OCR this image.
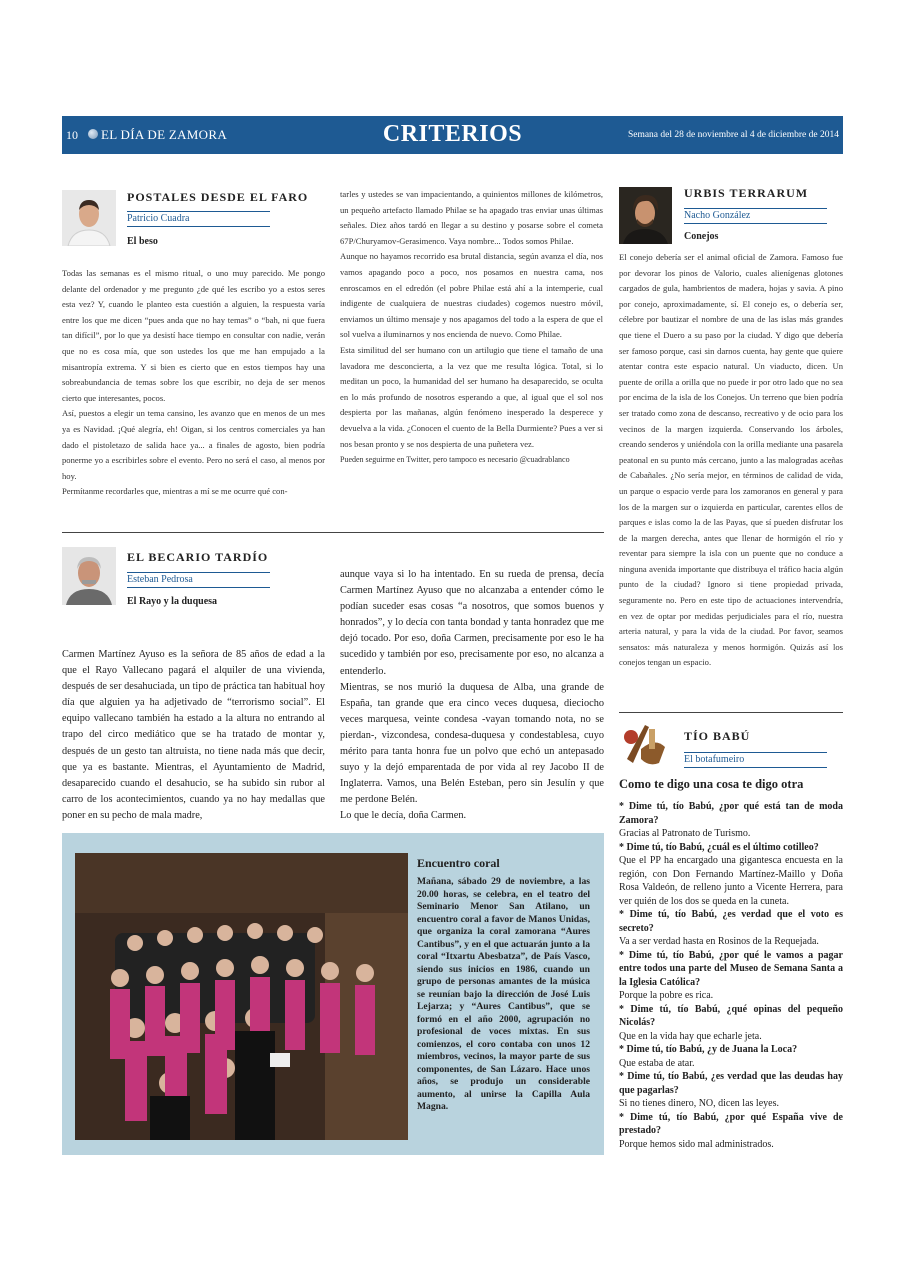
10 EL DÍA DE ZAMORA	CRITERIOS	Semana del 28 de noviembre al 4 de diciembre de 2014
POSTALES DESDE EL FARO
Patricio Cuadra
El beso

Todas las semanas es el mismo ritual, o uno muy parecido. Me pongo delante del ordenador y me pregunto ¿de qué les escribo yo a estos seres esta vez? Y, cuando le planteo esta cuestión a alguien, la respuesta varía entre los que me dicen “pues anda que no hay temas” o “bah, ni que fuera tan difícil”, por lo que ya desistí hace tiempo en consultar con nadie, verán que no es cosa mía, que son ustedes los que me han empujado a la misantropía extrema. Y si bien es cierto que en estos tiempos hay una sobreabundancia de temas sobre los que escribir, no deja de ser menos cierto que interesantes, pocos.

Así, puestos a elegir un tema cansino, les avanzo que en menos de un mes ya es Navidad. ¡Qué alegría, eh! Oigan, si los centros comerciales ya han dado el pistoletazo de salida hace ya... a finales de agosto, bien podría ponerme yo a escribirles sobre el evento. Pero no será el caso, al menos por hoy.

Permítanme recordarles que, mientras a mí se me ocurre qué con-

tarles y ustedes se van impacientando, a quinientos millones de kilómetros, un pequeño artefacto llamado Philae se ha apagado tras enviar unas últimas señales. Diez años tardó en llegar a su destino y posarse sobre el cometa 67P/Churyamov-Gerasimenco. Vaya nombre... Todos somos Philae.

Aunque no hayamos recorrido esa brutal distancia, según avanza el día, nos vamos apagando poco a poco, nos posamos en nuestra cama, nos enroscamos en el edredón (el pobre Philae está ahí a la intemperie, cual indigente de cualquiera de nuestras ciudades) cogemos nuestro móvil, enviamos un último mensaje y nos apagamos del todo a la espera de que el sol vuelva a iluminarnos y nos encienda de nuevo. Como Philae.

Esta similitud del ser humano con un artilugio que tiene el tamaño de una lavadora me desconcierta, a la vez que me resulta lógica. Total, si lo meditan un poco, la humanidad del ser humano ha desaparecido, se oculta en lo más profundo de nosotros esperando a que, al igual que el sol nos despierta por las mañanas, algún fenómeno inesperado la desperece y devuelva a la vida. ¿Conocen el cuento de la Bella Durmiente? Pues a ver si nos besan pronto y se nos despierta de una puñetera vez.

Pueden seguirme en Twitter, pero tampoco es necesario @cuadrablanco

EL BECARIO TARDÍO
Esteban Pedrosa
El Rayo y la duquesa

Carmen Martínez Ayuso es la señora de 85 años de edad a la que el Rayo Vallecano pagará el alquiler de una vivienda, después de ser desahuciada, un tipo de práctica tan habitual hoy día que alguien ya ha adjetivado de “terrorismo social”. El equipo vallecano también ha estado a la altura no entrando al trapo del circo mediático que se ha tratado de montar y, después de un gesto tan altruista, no tiene nada más que decir, que ya es bastante. Mientras, el Ayuntamiento de Madrid, desaparecido cuando el desahucio, se ha subido sin rubor al carro de los acontecimientos, cuando ya no hay medallas que poner en su pecho de mala madre,

aunque vaya si lo ha intentado. En su rueda de prensa, decía Carmen Martínez Ayuso que no alcanzaba a entender cómo le podían suceder esas cosas “a nosotros, que somos buenos y honrados”, y lo decía con tanta bondad y tanta honradez que me dejó tocado. Por eso, doña Carmen, precisamente por eso le ha sucedido y también por eso, precisamente por eso, no alcanza a entenderlo.

Mientras, se nos murió la duquesa de Alba, una grande de España, tan grande que era cinco veces duquesa, dieciocho veces marquesa, veinte condesa -vayan tomando nota, no se pierdan-, vizcondesa, condesa-duquesa y condestablesa, cuyo mérito para tanta honra fue un polvo que echó un antepasado suyo y la dejó emparentada de por vida al rey Jacobo II de Inglaterra. Vamos, una Belén Esteban, pero sin Jesulín y que me perdone Belén.

Lo que le decía, doña Carmen.

Encuentro coral
Mañana, sábado 29 de noviembre, a las 20.00 horas, se celebra, en el teatro del Seminario Menor San Atilano, un encuentro coral a favor de Manos Unidas, que organiza la coral zamorana “Aures Cantibus”, y en el que actuarán junto a la coral “Itxartu Abesbatza”, de País Vasco, siendo sus inicios en 1986, cuando un grupo de personas amantes de la música se reunían bajo la dirección de José Luis Lejarza; y “Aures Cantibus”, que se formó en el año 2000, agrupación no profesional de voces mixtas. En sus comienzos, el coro contaba con unos 12 miembros, vecinos, la mayor parte de sus componentes, de San Lázaro. Hace unos años, se produjo un considerable aumento, al unirse la Capilla Aula Magna.
URBIS TERRARUM
Nacho González
Conejos

El conejo debería ser el animal oficial de Zamora. Famoso fue por devorar los pinos de Valorio, cuales alienígenas glotones cargados de gula, hambrientos de madera, hojas y savia. A pino por conejo, aproximadamente, sí. El conejo es, o debería ser, célebre por bautizar el nombre de una de las islas más grandes que tiene el Duero a su paso por la ciudad. Y digo que debería ser famoso porque, casi sin darnos cuenta, hay gente que quiere atentar contra este espacio natural. Un viaducto, dicen. Un puente de orilla a orilla que no puede ir por otro lado que no sea por encima de la isla de los Conejos. Un terreno que bien podría ser tratado como zona de descanso, recreativo y de ocio para los vecinos de la margen izquierda. Conservando los árboles, creando senderos y uniéndola con la orilla mediante una pasarela peatonal en su punto más cercano, junto a las malogradas aceñas de Cabañales. ¿No sería mejor, en términos de calidad de vida, un parque o espacio verde para los zamoranos en general y para los de la margen sur o izquierda en particular, carentes ellos de parques e islas como la de las Payas, que sí pueden disfrutar los de la margen derecha, antes que llenar de hormigón el río y reventar para siempre la isla con un puente que no conduce a ninguna avenida importante que distribuya el tráfico hacia algún punto de la ciudad? Ignoro si tiene propiedad privada, seguramente no. Pero en este tipo de actuaciones intervendría, en vez de optar por medidas perjudiciales para el río, nuestra arteria natural, y para la vida de la ciudad. Por favor, seamos sensatos: más naturaleza y menos hormigón. Quizás así los conejos tengan un espacio.

TÍO BABÚ
El botafumeiro
Como te digo una cosa te digo otra

* Dime tú, tío Babú, ¿por qué está tan de moda Zamora?

Gracias al Patronato de Turismo.

* Dime tú, tío Babú, ¿cuál es el último cotilleo?

Que el PP ha encargado una gigantesca encuesta en la región, con Don Fernando Martínez-Maillo y Doña Rosa Valdeón, de relleno junto a Vicente Herrera, para ver quién de los dos se queda en la cuneta.

* Dime tú, tío Babú, ¿es verdad que el voto es secreto?

Va a ser verdad hasta en Rosinos de la Requejada.

* Dime tú, tío Babú, ¿por qué le vamos a pagar entre todos una parte del Museo de Semana Santa a la Iglesia Católica?

Porque la pobre es rica.

* Dime tú, tío Babú, ¿qué opinas del pequeño Nicolás?

Que en la vida hay que echarle jeta.

* Dime tú, tío Babú, ¿y de Juana la Loca?

Que estaba de atar.

* Dime tú, tío Babú, ¿es verdad que las deudas hay que pagarlas?

Si no tienes dinero, NO, dicen las leyes.

* Dime tú, tío Babú, ¿por qué España vive de prestado?

Porque hemos sido mal administrados.
